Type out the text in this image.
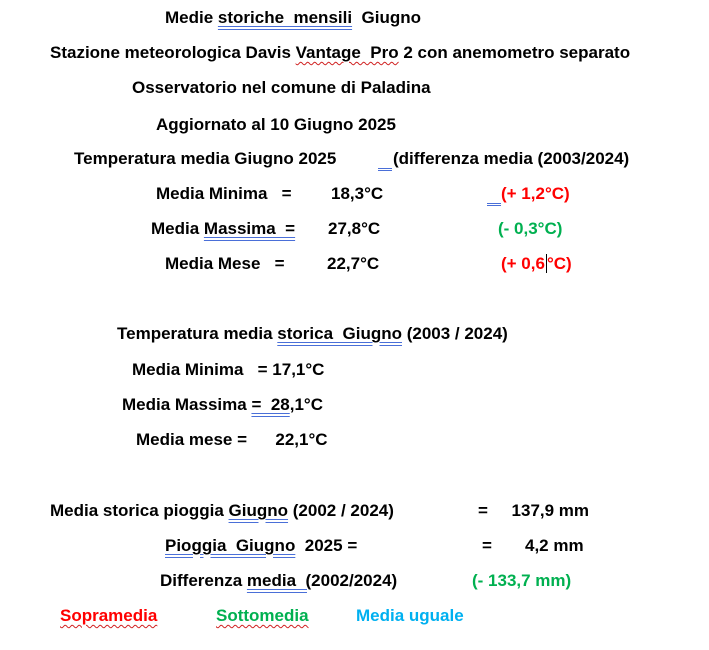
Medie storiche  mensili  Giugno
Stazione meteorologica Davis Vantage  Pro 2 con anemometro separato
Osservatorio nel comune di Paladina
Aggiornato al 10 Giugno 2025
Temperatura media Giugno 2025	(differenza media (2003/2024)
Media Minima   = 18,3°C	(+ 1,2°C)
Media Massima  = 27,8°C	(- 0,3°C)
Media Mese   = 22,7°C	(+ 0,6 °C)
Temperatura media storica  Giugno (2003 / 2024)
Media Minima   = 17,1°C
Media Massima =  28,1°C
Media mese =      22,1°C
Media storica pioggia Giugno (2002 / 2024)	=     137,9 mm
Pioggia  Giugno  2025 =	=       4,2 mm
Differenza media  (2002/2024)	(- 133,7 mm)
Sopramedia	Sottomedia	Media uguale
